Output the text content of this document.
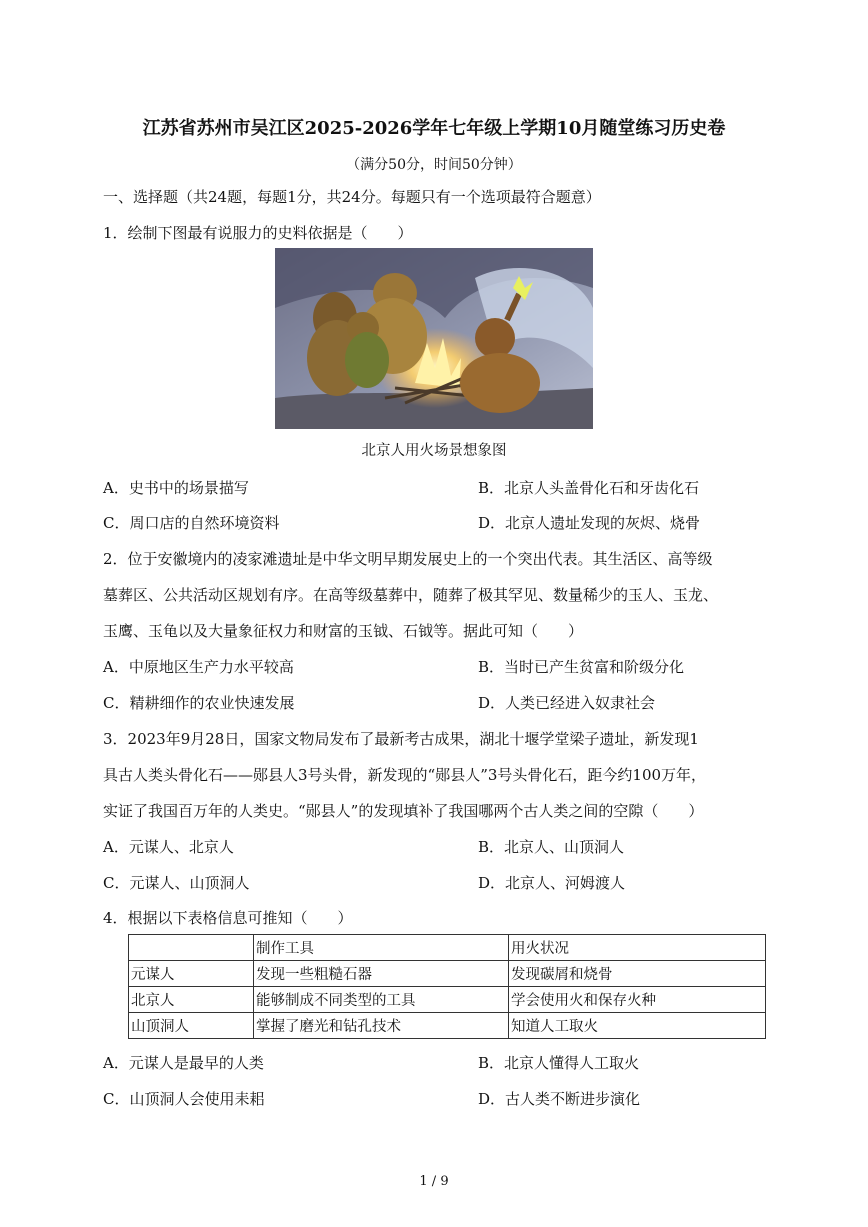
江苏省苏州市吴江区2025-2026学年七年级上学期10月随堂练习历史卷
（满分50分，时间50分钟）
一、选择题（共24题，每题1分，共24分。每题只有一个选项最符合题意）
1．绘制下图最有说服力的史料依据是（　　）
北京人用火场景想象图
A．史书中的场景描写	B．北京人头盖骨化石和牙齿化石
C．周口店的自然环境资料	D．北京人遗址发现的灰烬、烧骨
2．位于安徽境内的凌家滩遗址是中华文明早期发展史上的一个突出代表。其生活区、高等级
墓葬区、公共活动区规划有序。在高等级墓葬中，随葬了极其罕见、数量稀少的玉人、玉龙、
玉鹰、玉龟以及大量象征权力和财富的玉钺、石钺等。据此可知（　　）
A．中原地区生产力水平较高	B．当时已产生贫富和阶级分化
C．精耕细作的农业快速发展	D．人类已经进入奴隶社会
3．2023年9月28日，国家文物局发布了最新考古成果，湖北十堰学堂梁子遗址，新发现1
具古人类头骨化石——郧县人3号头骨，新发现的“郧县人”3号头骨化石，距今约100万年，
实证了我国百万年的人类史。“郧县人”的发现填补了我国哪两个古人类之间的空隙（　　）
A．元谋人、北京人	B．北京人、山顶洞人
C．元谋人、山顶洞人	D．北京人、河姆渡人
4．根据以下表格信息可推知（　　）
	制作工具	用火状况
元谋人	发现一些粗糙石器	发现碳屑和烧骨
北京人	能够制成不同类型的工具	学会使用火和保存火种
山顶洞人	掌握了磨光和钻孔技术	知道人工取火
A．元谋人是最早的人类	B．北京人懂得人工取火
C．山顶洞人会使用耒耜	D．古人类不断进步演化
1 / 9
